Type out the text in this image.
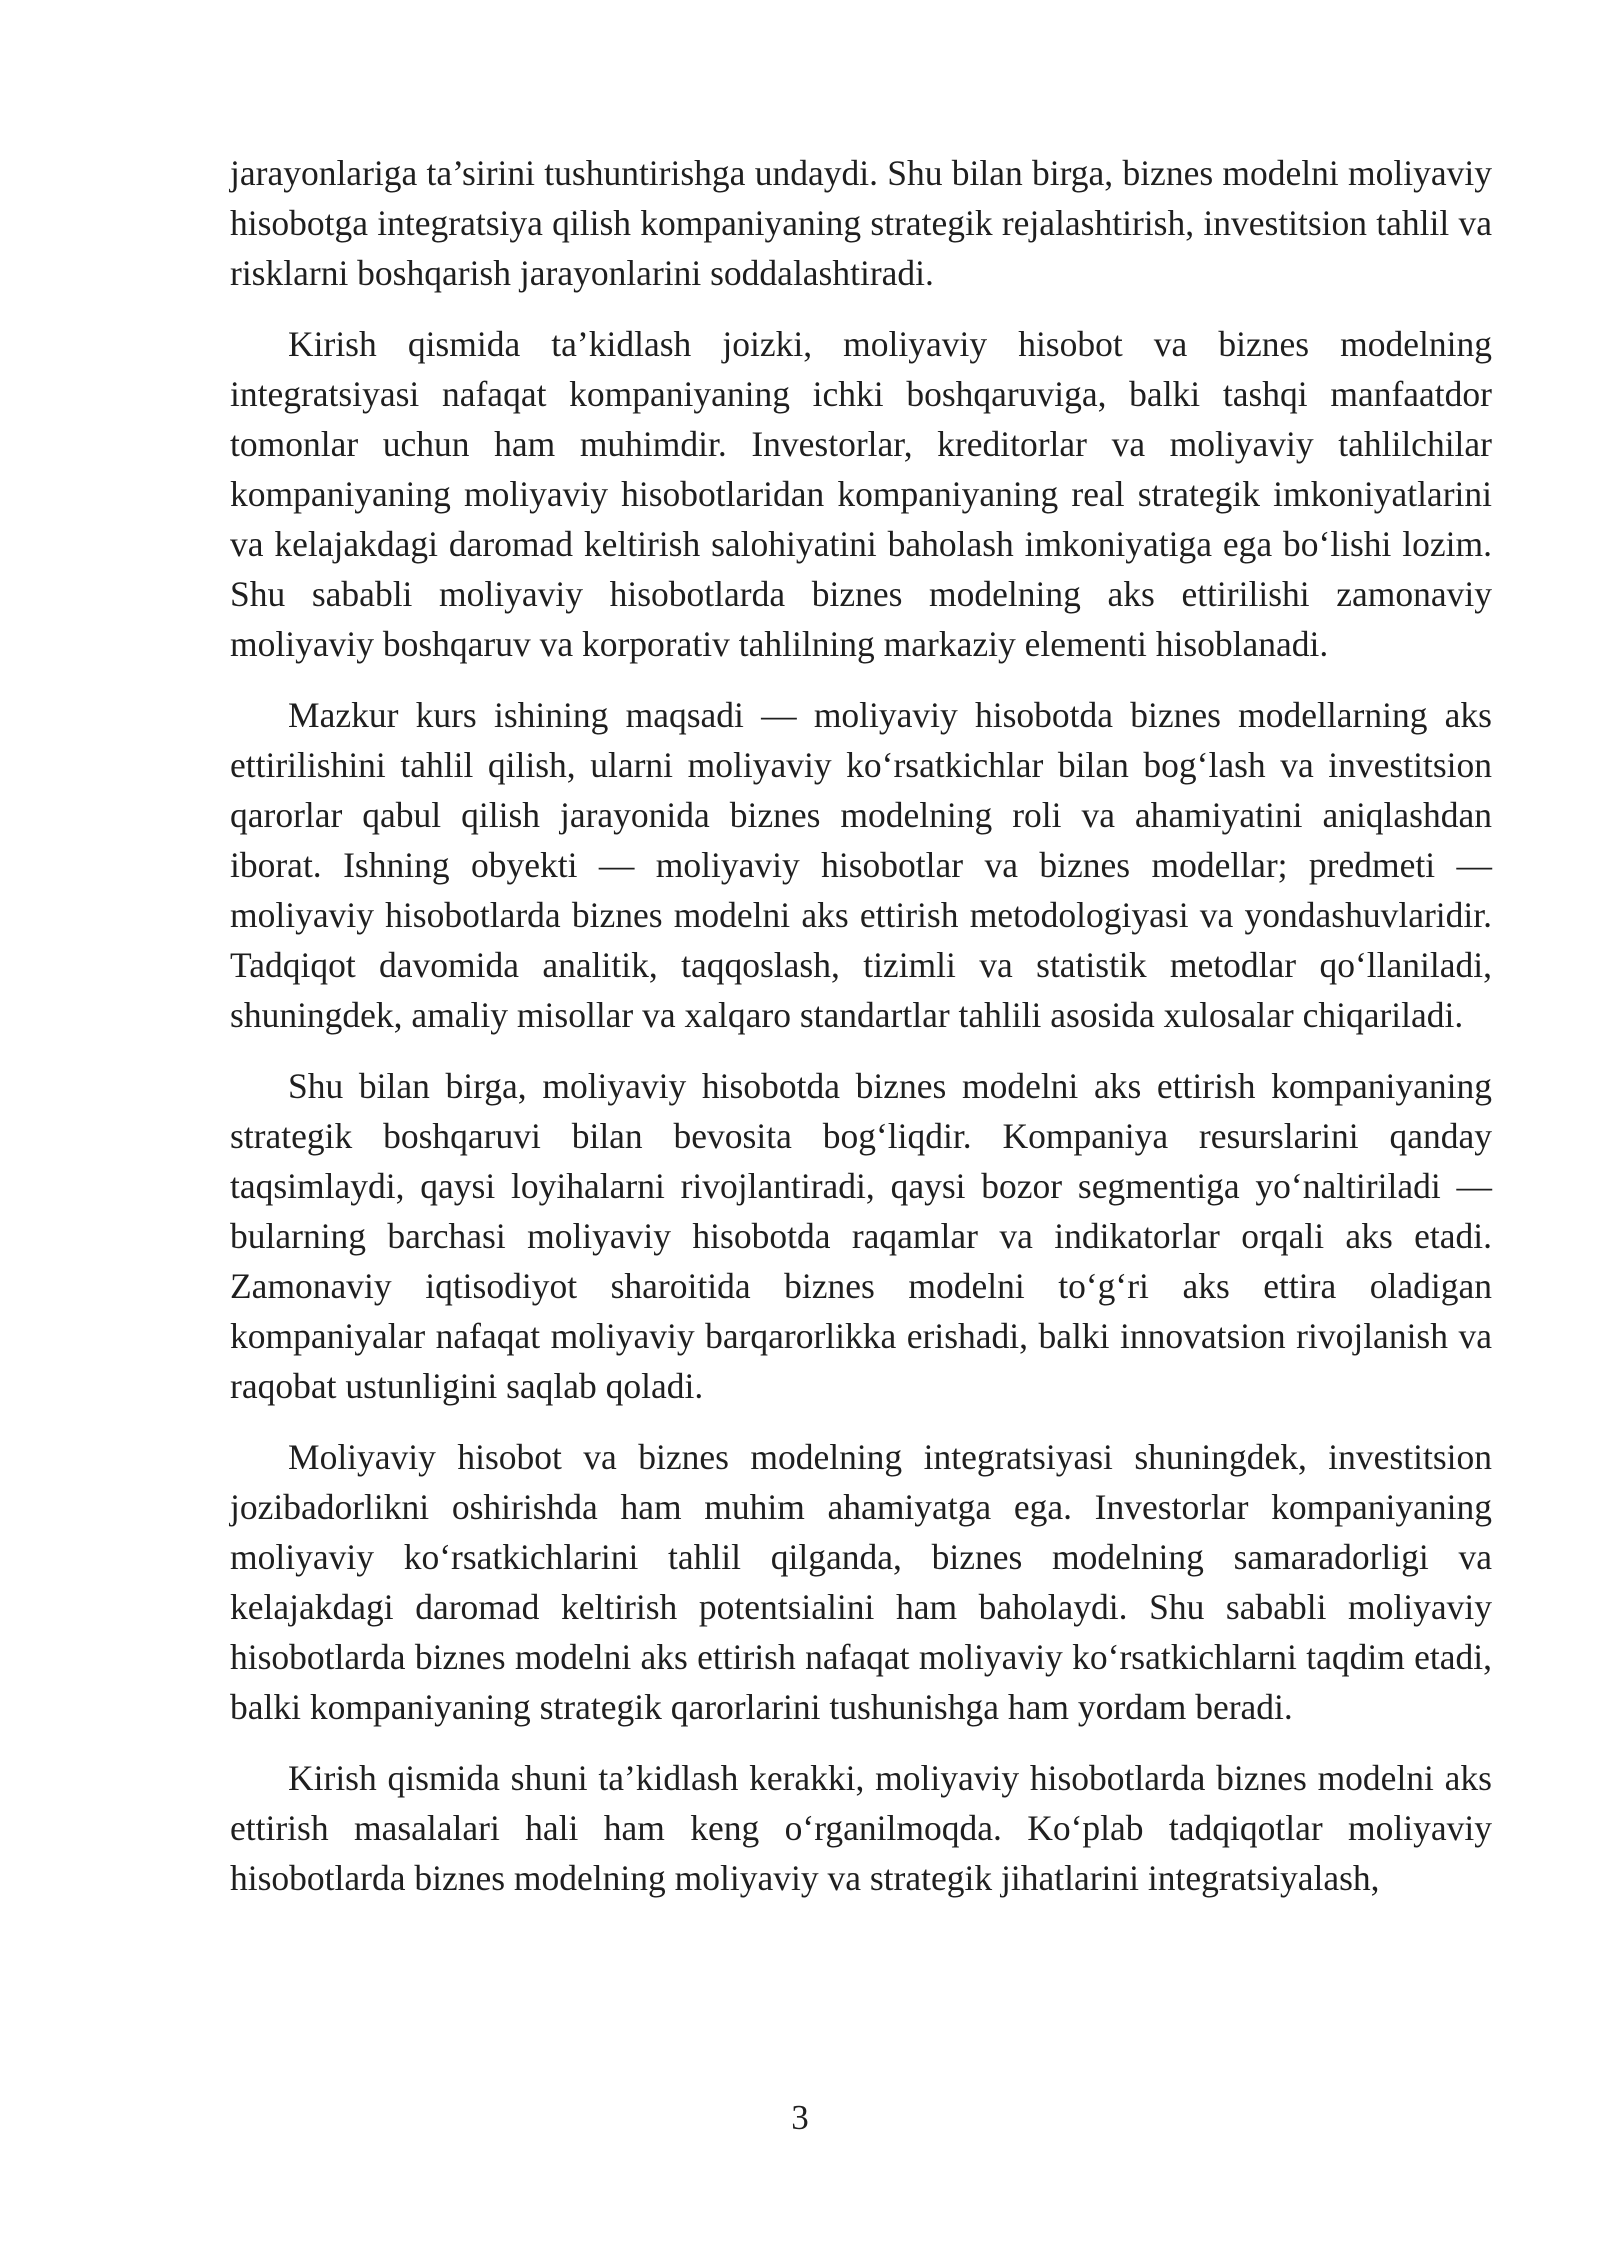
jarayonlariga ta’sirini tushuntirishga undaydi. Shu bilan birga, biznes modelni moliyaviy hisobotga integratsiya qilish kompaniyaning strategik rejalashtirish, investitsion tahlil va risklarni boshqarish jarayonlarini soddalashtiradi.

Kirish qismida ta’kidlash joizki, moliyaviy hisobot va biznes modelning integratsiyasi nafaqat kompaniyaning ichki boshqaruviga, balki tashqi manfaatdor tomonlar uchun ham muhimdir. Investorlar, kreditorlar va moliyaviy tahlilchilar kompaniyaning moliyaviy hisobotlaridan kompaniyaning real strategik imkoniyatlarini va kelajakdagi daromad keltirish salohiyatini baholash imkoniyatiga ega bo‘lishi lozim. Shu sababli moliyaviy hisobotlarda biznes modelning aks ettirilishi zamonaviy moliyaviy boshqaruv va korporativ tahlilning markaziy elementi hisoblanadi.

Mazkur kurs ishining maqsadi — moliyaviy hisobotda biznes modellarning aks ettirilishini tahlil qilish, ularni moliyaviy ko‘rsatkichlar bilan bog‘lash va investitsion qarorlar qabul qilish jarayonida biznes modelning roli va ahamiyatini aniqlashdan iborat. Ishning obyekti — moliyaviy hisobotlar va biznes modellar; predmeti — moliyaviy hisobotlarda biznes modelni aks ettirish metodologiyasi va yondashuvlaridir. Tadqiqot davomida analitik, taqqoslash, tizimli va statistik metodlar qo‘llaniladi, shuningdek, amaliy misollar va xalqaro standartlar tahlili asosida xulosalar chiqariladi.

Shu bilan birga, moliyaviy hisobotda biznes modelni aks ettirish kompaniyaning strategik boshqaruvi bilan bevosita bog‘liqdir. Kompaniya resurslarini qanday taqsimlaydi, qaysi loyihalarni rivojlantiradi, qaysi bozor segmentiga yo‘naltiriladi — bularning barchasi moliyaviy hisobotda raqamlar va indikatorlar orqali aks etadi. Zamonaviy iqtisodiyot sharoitida biznes modelni to‘g‘ri aks ettira oladigan kompaniyalar nafaqat moliyaviy barqarorlikka erishadi, balki innovatsion rivojlanish va raqobat ustunligini saqlab qoladi.

Moliyaviy hisobot va biznes modelning integratsiyasi shuningdek, investitsion jozibadorlikni oshirishda ham muhim ahamiyatga ega. Investorlar kompaniyaning moliyaviy ko‘rsatkichlarini tahlil qilganda, biznes modelning samaradorligi va kelajakdagi daromad keltirish potentsialini ham baholaydi. Shu sababli moliyaviy hisobotlarda biznes modelni aks ettirish nafaqat moliyaviy ko‘rsatkichlarni taqdim etadi, balki kompaniyaning strategik qarorlarini tushunishga ham yordam beradi.

Kirish qismida shuni ta’kidlash kerakki, moliyaviy hisobotlarda biznes modelni aks ettirish masalalari hali ham keng o‘rganilmoqda. Ko‘plab tadqiqotlar moliyaviy hisobotlarda biznes modelning moliyaviy va strategik jihatlarini integratsiyalash,

3
